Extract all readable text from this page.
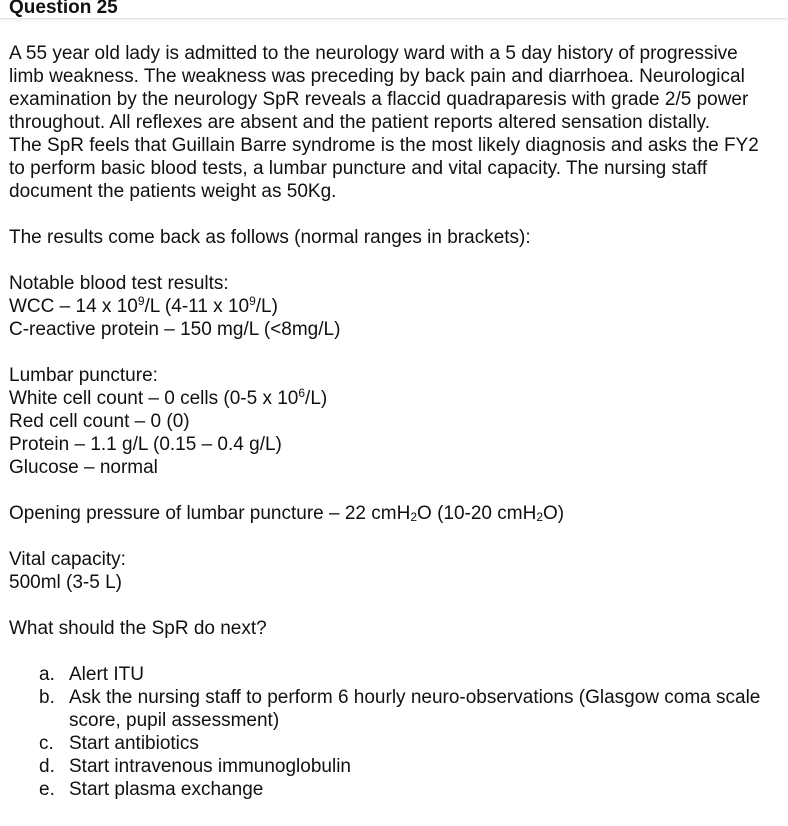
Question 25

A 55 year old lady is admitted to the neurology ward with a 5 day history of progressive limb weakness. The weakness was preceding by back pain and diarrhoea. Neurological examination by the neurology SpR reveals a flaccid quadraparesis with grade 2/5 power throughout. All reflexes are absent and the patient reports altered sensation distally.

The SpR feels that Guillain Barre syndrome is the most likely diagnosis and asks the FY2 to perform basic blood tests, a lumbar puncture and vital capacity. The nursing staff document the patients weight as 50Kg.

The results come back as follows (normal ranges in brackets):

Notable blood test results:

WCC – 14 x $10^9/L$ (4-11 x $10^9/L$)

C-reactive protein – 150 mg/L (<8mg/L)

Lumbar puncture:

White cell count – 0 cells (0-5 x $10^6/L$)

Red cell count – 0 (0)

Protein – 1.1 g/L (0.15 – 0.4 g/L)

Glucose – normal

Opening pressure of lumbar puncture – 22 cmH$_2$O (10-20 cmH$_2$O)

Vital capacity:

500ml (3-5 L)

What should the SpR do next?

a. Alert ITU
b. Ask the nursing staff to perform 6 hourly neuro-observations (Glasgow coma scale score, pupil assessment)
c. Start antibiotics
d. Start intravenous immunoglobulin
e. Start plasma exchange
